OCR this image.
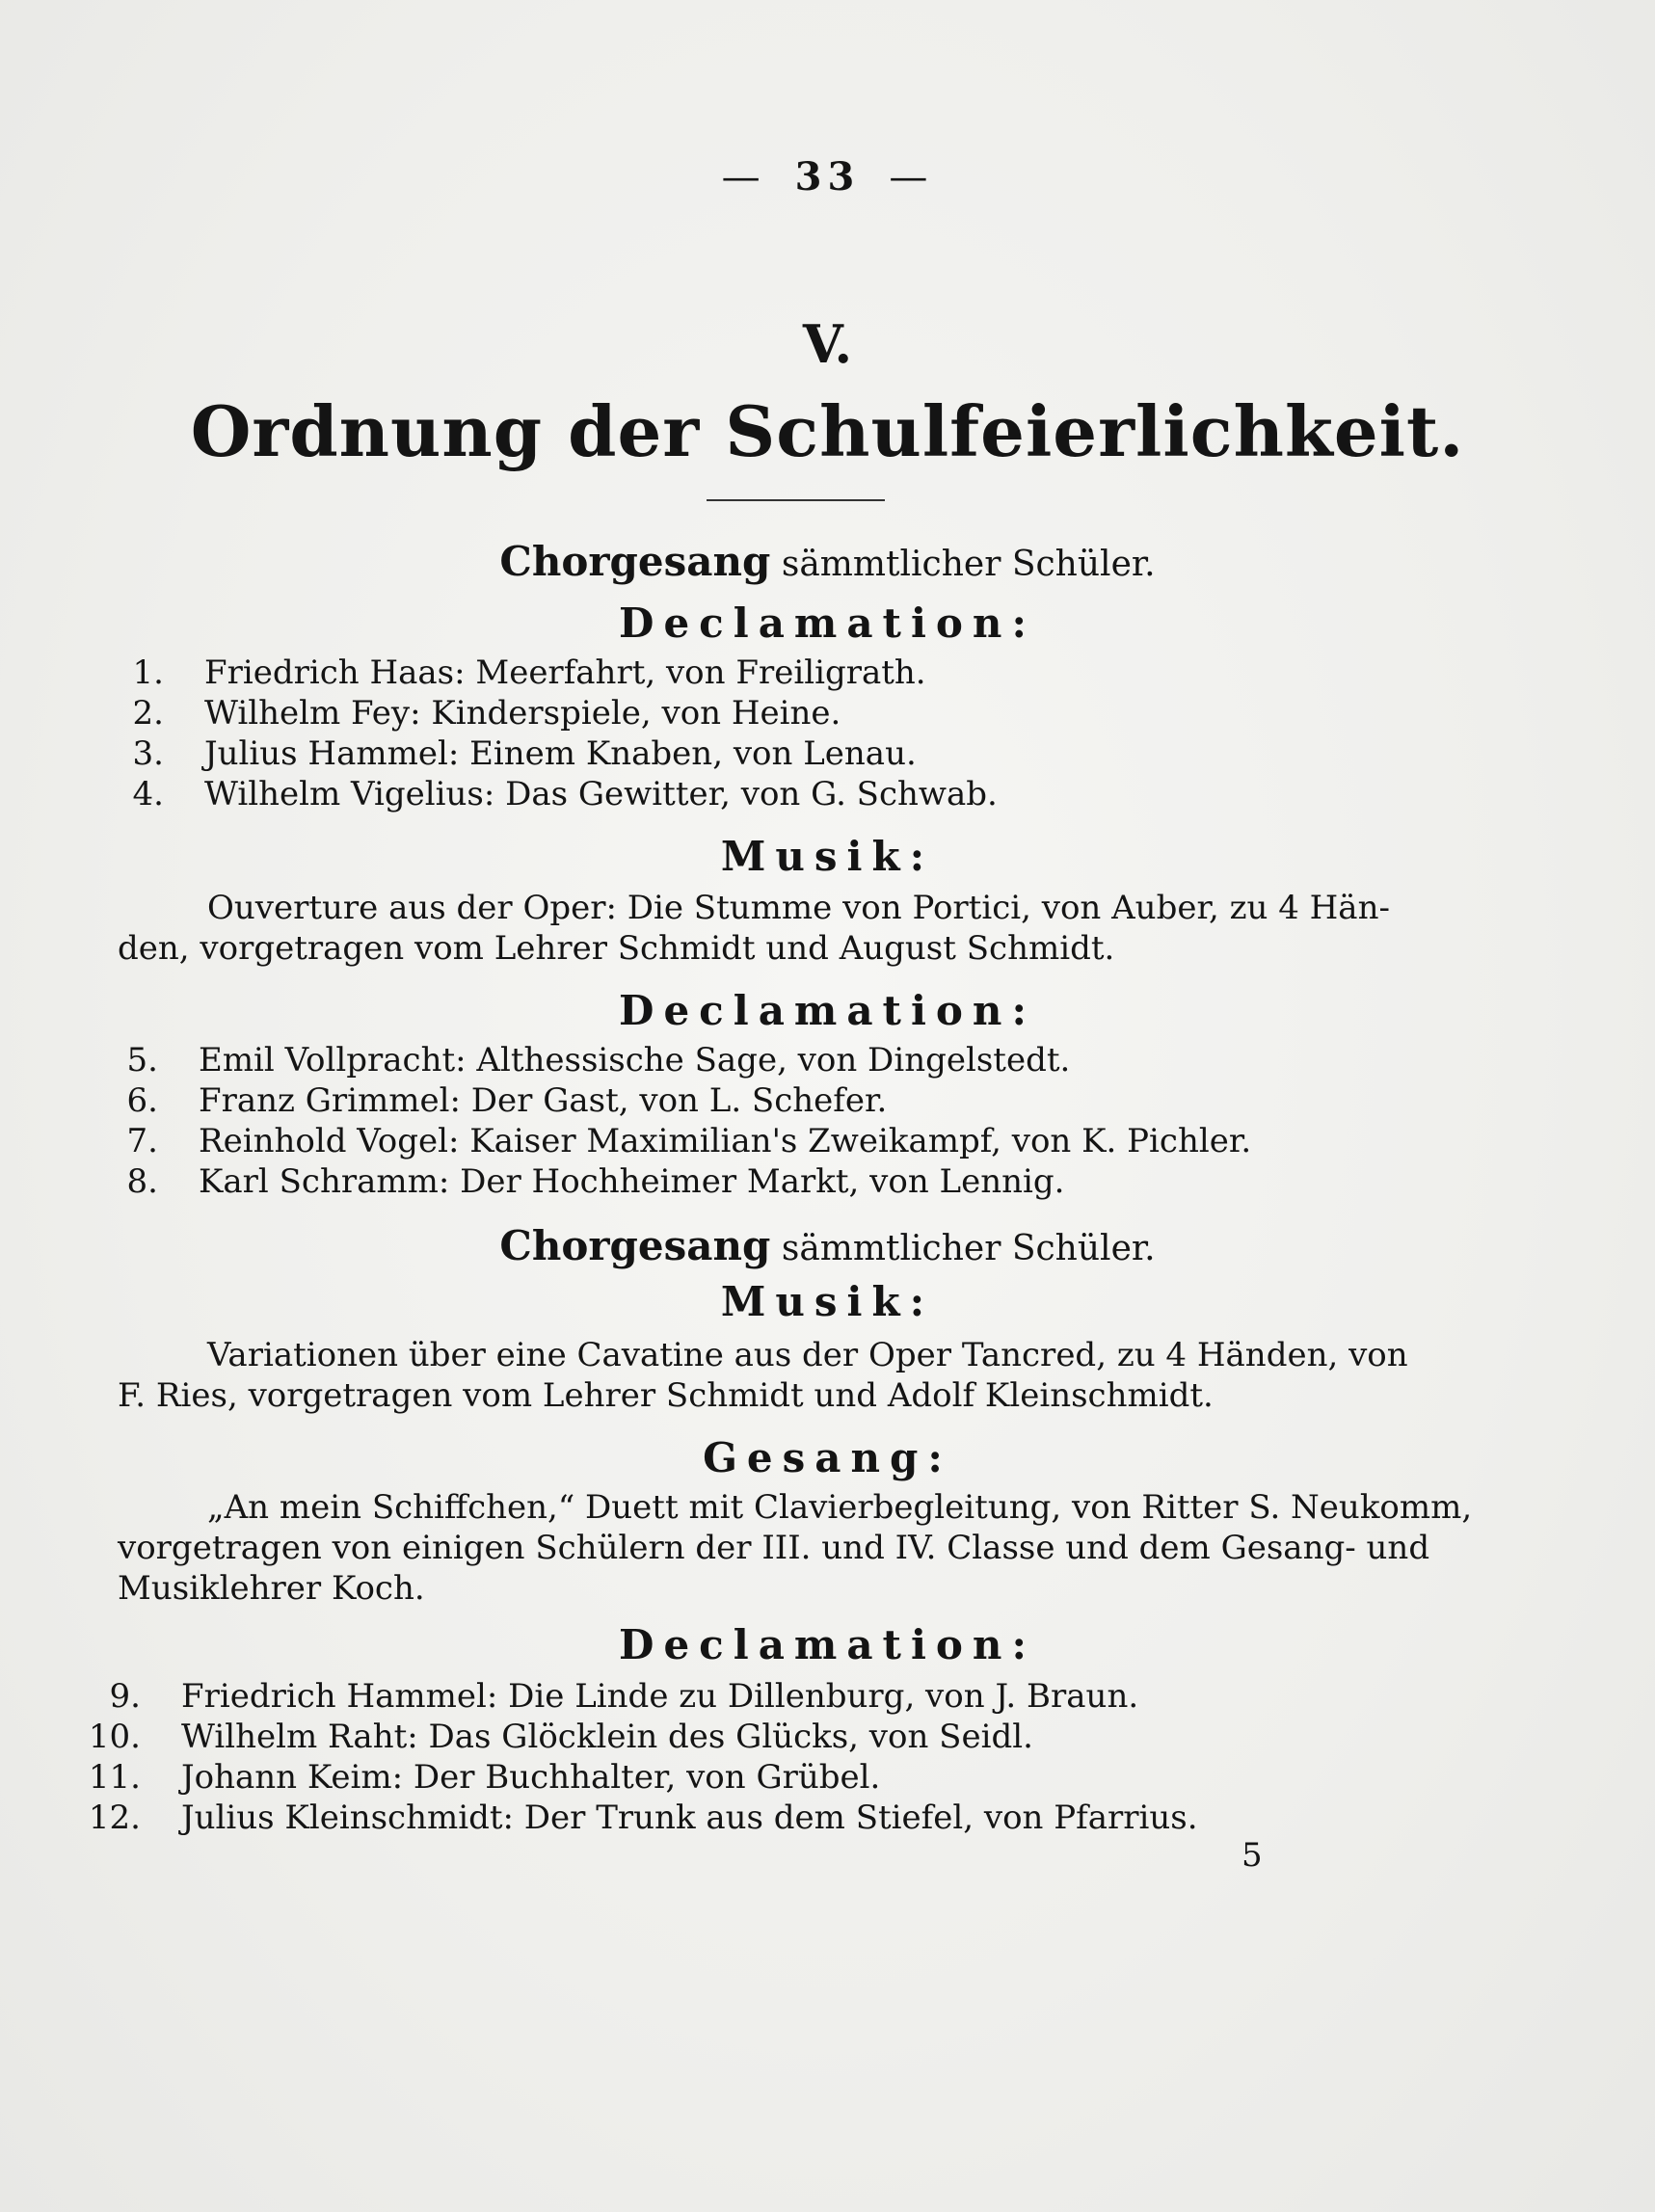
— 33 —
V.
Ordnung der Schulfeierlichkeit.
Chorgesang sämmtlicher Schüler.
Declamation:
1. Friedrich Haas: Meerfahrt, von Freiligrath.
2. Wilhelm Fey: Kinderspiele, von Heine.
3. Julius Hammel: Einem Knaben, von Lenau.
4. Wilhelm Vigelius: Das Gewitter, von G. Schwab.
Musik:
Ouverture aus der Oper: Die Stumme von Portici, von Auber, zu 4 Hän-
den, vorgetragen vom Lehrer Schmidt und August Schmidt.
Declamation:
5. Emil Vollpracht: Althessische Sage, von Dingelstedt.
6. Franz Grimmel: Der Gast, von L. Schefer.
7. Reinhold Vogel: Kaiser Maximilian's Zweikampf, von K. Pichler.
8. Karl Schramm: Der Hochheimer Markt, von Lennig.
Chorgesang sämmtlicher Schüler.
Musik:
Variationen über eine Cavatine aus der Oper Tancred, zu 4 Händen, von
F. Ries, vorgetragen vom Lehrer Schmidt und Adolf Kleinschmidt.
Gesang:
„An mein Schiffchen,“ Duett mit Clavierbegleitung, von Ritter S. Neukomm,
vorgetragen von einigen Schülern der III. und IV. Classe und dem Gesang- und
Musiklehrer Koch.
Declamation:
9. Friedrich Hammel: Die Linde zu Dillenburg, von J. Braun.
10. Wilhelm Raht: Das Glöcklein des Glücks, von Seidl.
11. Johann Keim: Der Buchhalter, von Grübel.
12. Julius Kleinschmidt: Der Trunk aus dem Stiefel, von Pfarrius.
5
